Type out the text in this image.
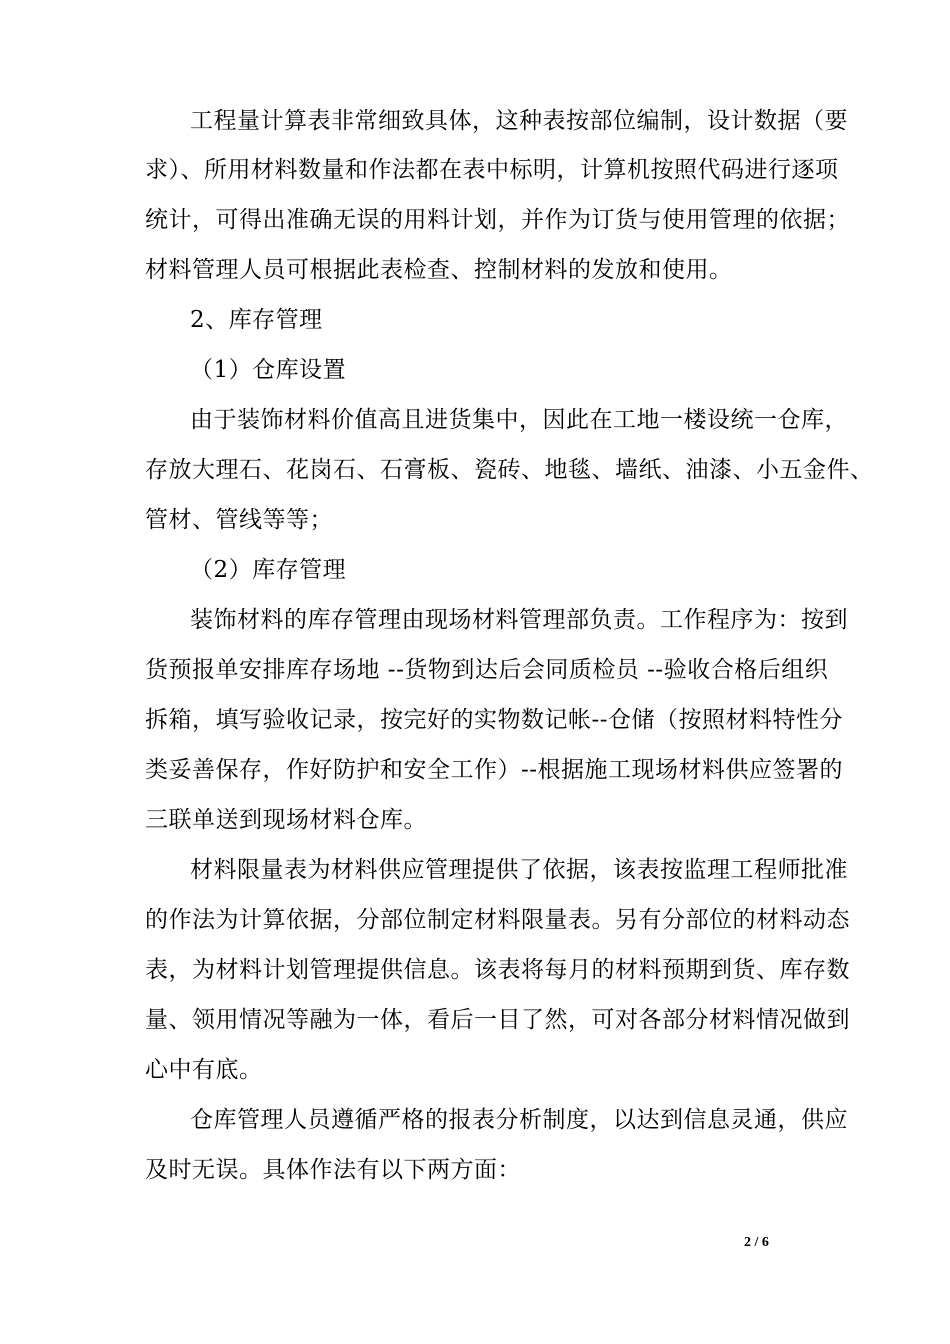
工程量计算表非常细致具体，这种表按部位编制，设计数据（要
求）、所用材料数量和作法都在表中标明，计算机按照代码进行逐项
统计，可得出准确无误的用料计划，并作为订货与使用管理的依据；
材料管理人员可根据此表检查、控制材料的发放和使用。
2、库存管理
（1）仓库设置
由于装饰材料价值高且进货集中，因此在工地一楼设统一仓库，
存放大理石、花岗石、石膏板、瓷砖、地毯、墙纸、油漆、小五金件、
管材、管线等等；
（2）库存管理
装饰材料的库存管理由现场材料管理部负责。工作程序为：按到
货预报单安排库存场地 --货物到达后会同质检员 --验收合格后组织
拆箱，填写验收记录，按完好的实物数记帐--仓储（按照材料特性分
类妥善保存，作好防护和安全工作）--根据施工现场材料供应签署的
三联单送到现场材料仓库。
材料限量表为材料供应管理提供了依据，该表按监理工程师批准
的作法为计算依据，分部位制定材料限量表。另有分部位的材料动态
表，为材料计划管理提供信息。该表将每月的材料预期到货、库存数
量、领用情况等融为一体，看后一目了然，可对各部分材料情况做到
心中有底。
仓库管理人员遵循严格的报表分析制度，以达到信息灵通，供应
及时无误。具体作法有以下两方面：
2 / 6
